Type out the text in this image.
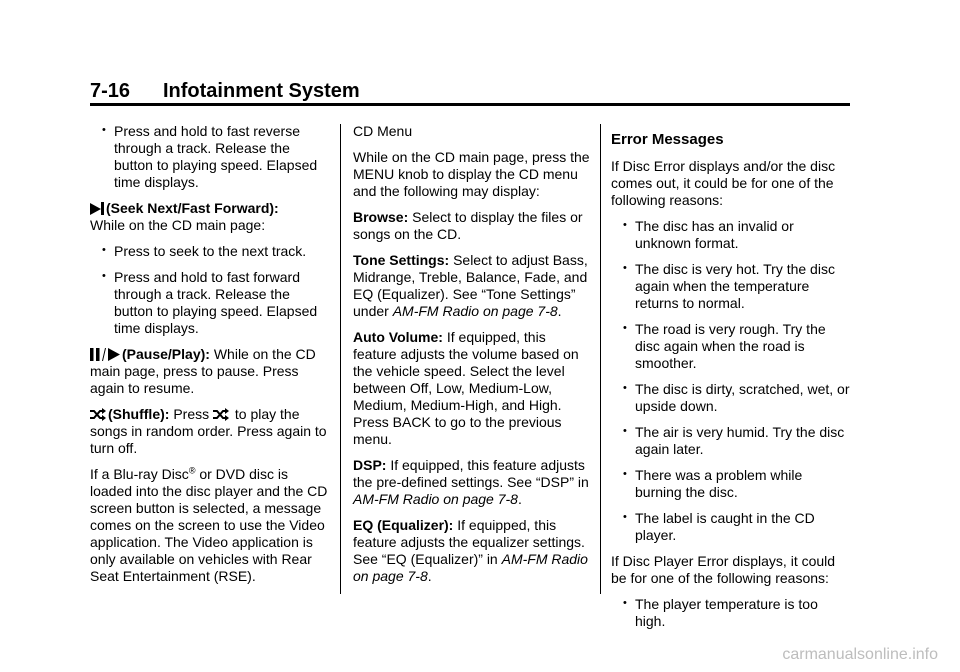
7-16 Infotainment System
• Press and hold to fast reverse through a track. Release the button to playing speed. Elapsed time displays.

(Seek Next/Fast Forward):
While on the CD main page:

• Press to seek to the next track.
• Press and hold to fast forward through a track. Release the button to playing speed. Elapsed time displays.

(Pause/Play): While on the CD main page, press to pause. Press again to resume.

(Shuffle): Press  to play the songs in random order. Press again to turn off.

If a Blu-ray Disc® or DVD disc is loaded into the disc player and the CD screen button is selected, a message comes on the screen to use the Video application. The Video application is only available on vehicles with Rear Seat Entertainment (RSE).

CD Menu

While on the CD main page, press the MENU knob to display the CD menu and the following may display:

Browse: Select to display the files or songs on the CD.

Tone Settings: Select to adjust Bass, Midrange, Treble, Balance, Fade, and EQ (Equalizer). See “Tone Settings” under AM-FM Radio on page 7-8.

Auto Volume: If equipped, this feature adjusts the volume based on the vehicle speed. Select the level between Off, Low, Medium-Low, Medium, Medium-High, and High. Press BACK to go to the previous menu.

DSP: If equipped, this feature adjusts the pre-defined settings. See “DSP” in AM-FM Radio on page 7-8.

EQ (Equalizer): If equipped, this feature adjusts the equalizer settings. See “EQ (Equalizer)” in AM-FM Radio on page 7-8.

Error Messages

If Disc Error displays and/or the disc comes out, it could be for one of the following reasons:

• The disc has an invalid or unknown format.
• The disc is very hot. Try the disc again when the temperature returns to normal.
• The road is very rough. Try the disc again when the road is smoother.
• The disc is dirty, scratched, wet, or upside down.
• The air is very humid. Try the disc again later.
• There was a problem while burning the disc.
• The label is caught in the CD player.

If Disc Player Error displays, it could be for one of the following reasons:

• The player temperature is too high.
carmanualsonline.info
